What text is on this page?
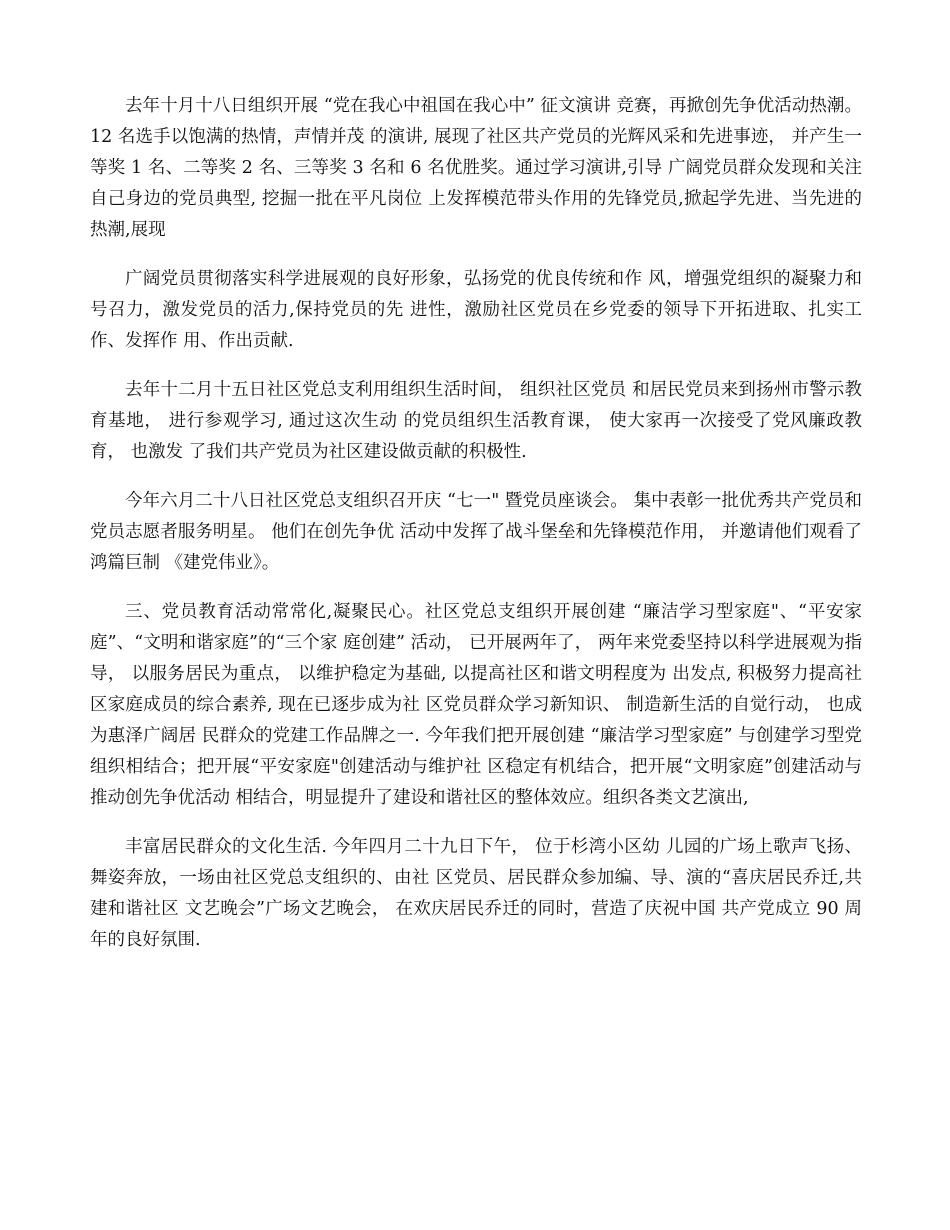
去年十月十八日组织开展 “党在我心中祖国在我心中” 征文演讲 竞赛，再掀创先争优活动热潮。 12 名选手以饱满的热情，声情并茂 的演讲, 展现了社区共产党员的光辉风采和先进事迹， 并产生一等奖 1 名、二等奖 2 名、三等奖 3 名和 6 名优胜奖。通过学习演讲,引导 广阔党员群众发现和关注自己身边的党员典型, 挖掘一批在平凡岗位 上发挥模范带头作用的先锋党员,掀起学先进、当先进的热潮,展现

广阔党员贯彻落实科学进展观的良好形象，弘扬党的优良传统和作 风，增强党组织的凝聚力和号召力，激发党员的活力,保持党员的先 进性，激励社区党员在乡党委的领导下开拓进取、扎实工作、发挥作 用、作出贡献.

去年十二月十五日社区党总支利用组织生活时间， 组织社区党员 和居民党员来到扬州市警示教育基地， 进行参观学习, 通过这次生动 的党员组织生活教育课， 使大家再一次接受了党风廉政教育， 也激发 了我们共产党员为社区建设做贡献的积极性.

今年六月二十八日社区党总支组织召开庆 “七一" 暨党员座谈会。 集中表彰一批优秀共产党员和党员志愿者服务明星。 他们在创先争优 活动中发挥了战斗堡垒和先锋模范作用， 并邀请他们观看了鸿篇巨制 《建党伟业》。

三、党员教育活动常常化,凝聚民心。社区党总支组织开展创建 “廉洁学习型家庭"、“平安家庭”、“文明和谐家庭”的“三个家 庭创建” 活动， 已开展两年了， 两年来党委坚持以科学进展观为指导， 以服务居民为重点， 以维护稳定为基础, 以提高社区和谐文明程度为 出发点, 积极努力提高社区家庭成员的综合素养, 现在已逐步成为社 区党员群众学习新知识、 制造新生活的自觉行动， 也成为惠泽广阔居 民群众的党建工作品牌之一. 今年我们把开展创建 “廉洁学习型家庭” 与创建学习型党组织相结合；把开展“平安家庭"创建活动与维护社 区稳定有机结合，把开展“文明家庭”创建活动与推动创先争优活动 相结合，明显提升了建设和谐社区的整体效应。组织各类文艺演出,

丰富居民群众的文化生活. 今年四月二十九日下午， 位于杉湾小区幼 儿园的广场上歌声飞扬、舞姿奔放，一场由社区党总支组织的、由社 区党员、居民群众参加编、导、演的“喜庆居民乔迁,共建和谐社区 文艺晚会”广场文艺晚会， 在欢庆居民乔迁的同时，营造了庆祝中国 共产党成立 90 周年的良好氛围.
